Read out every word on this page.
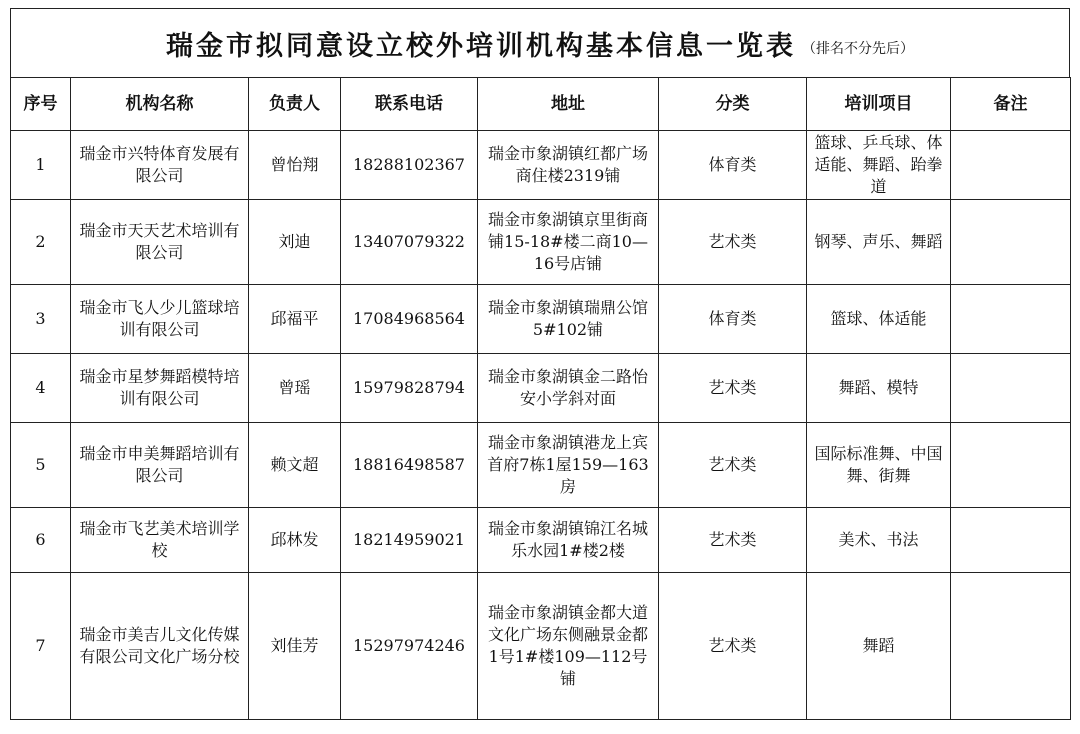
瑞金市拟同意设立校外培训机构基本信息一览表 （排名不分先后）
序号	机构名称	负责人	联系电话	地址	分类	培训项目	备注
1	瑞金市兴特体育发展有限公司	曾怡翔	18288102367	瑞金市象湖镇红都广场商住楼2319铺	体育类	篮球、乒乓球、体适能、舞蹈、跆拳道	
2	瑞金市天天艺术培训有限公司	刘迪	13407079322	瑞金市象湖镇京里街商铺15-18#楼二商10—16号店铺	艺术类	钢琴、声乐、舞蹈	
3	瑞金市飞人少儿篮球培训有限公司	邱福平	17084968564	瑞金市象湖镇瑞鼎公馆5#102铺	体育类	篮球、体适能	
4	瑞金市星梦舞蹈模特培训有限公司	曾瑶	15979828794	瑞金市象湖镇金二路怡安小学斜对面	艺术类	舞蹈、模特	
5	瑞金市申美舞蹈培训有限公司	赖文超	18816498587	瑞金市象湖镇港龙上宾首府7栋1屋159—163房	艺术类	国际标准舞、中国舞、街舞	
6	瑞金市飞艺美术培训学校	邱林发	18214959021	瑞金市象湖镇锦江名城乐水园1#楼2楼	艺术类	美术、书法	
7	瑞金市美吉儿文化传媒有限公司文化广场分校	刘佳芳	15297974246	瑞金市象湖镇金都大道文化广场东侧融景金都1号1#楼109—112号铺	艺术类	舞蹈	
